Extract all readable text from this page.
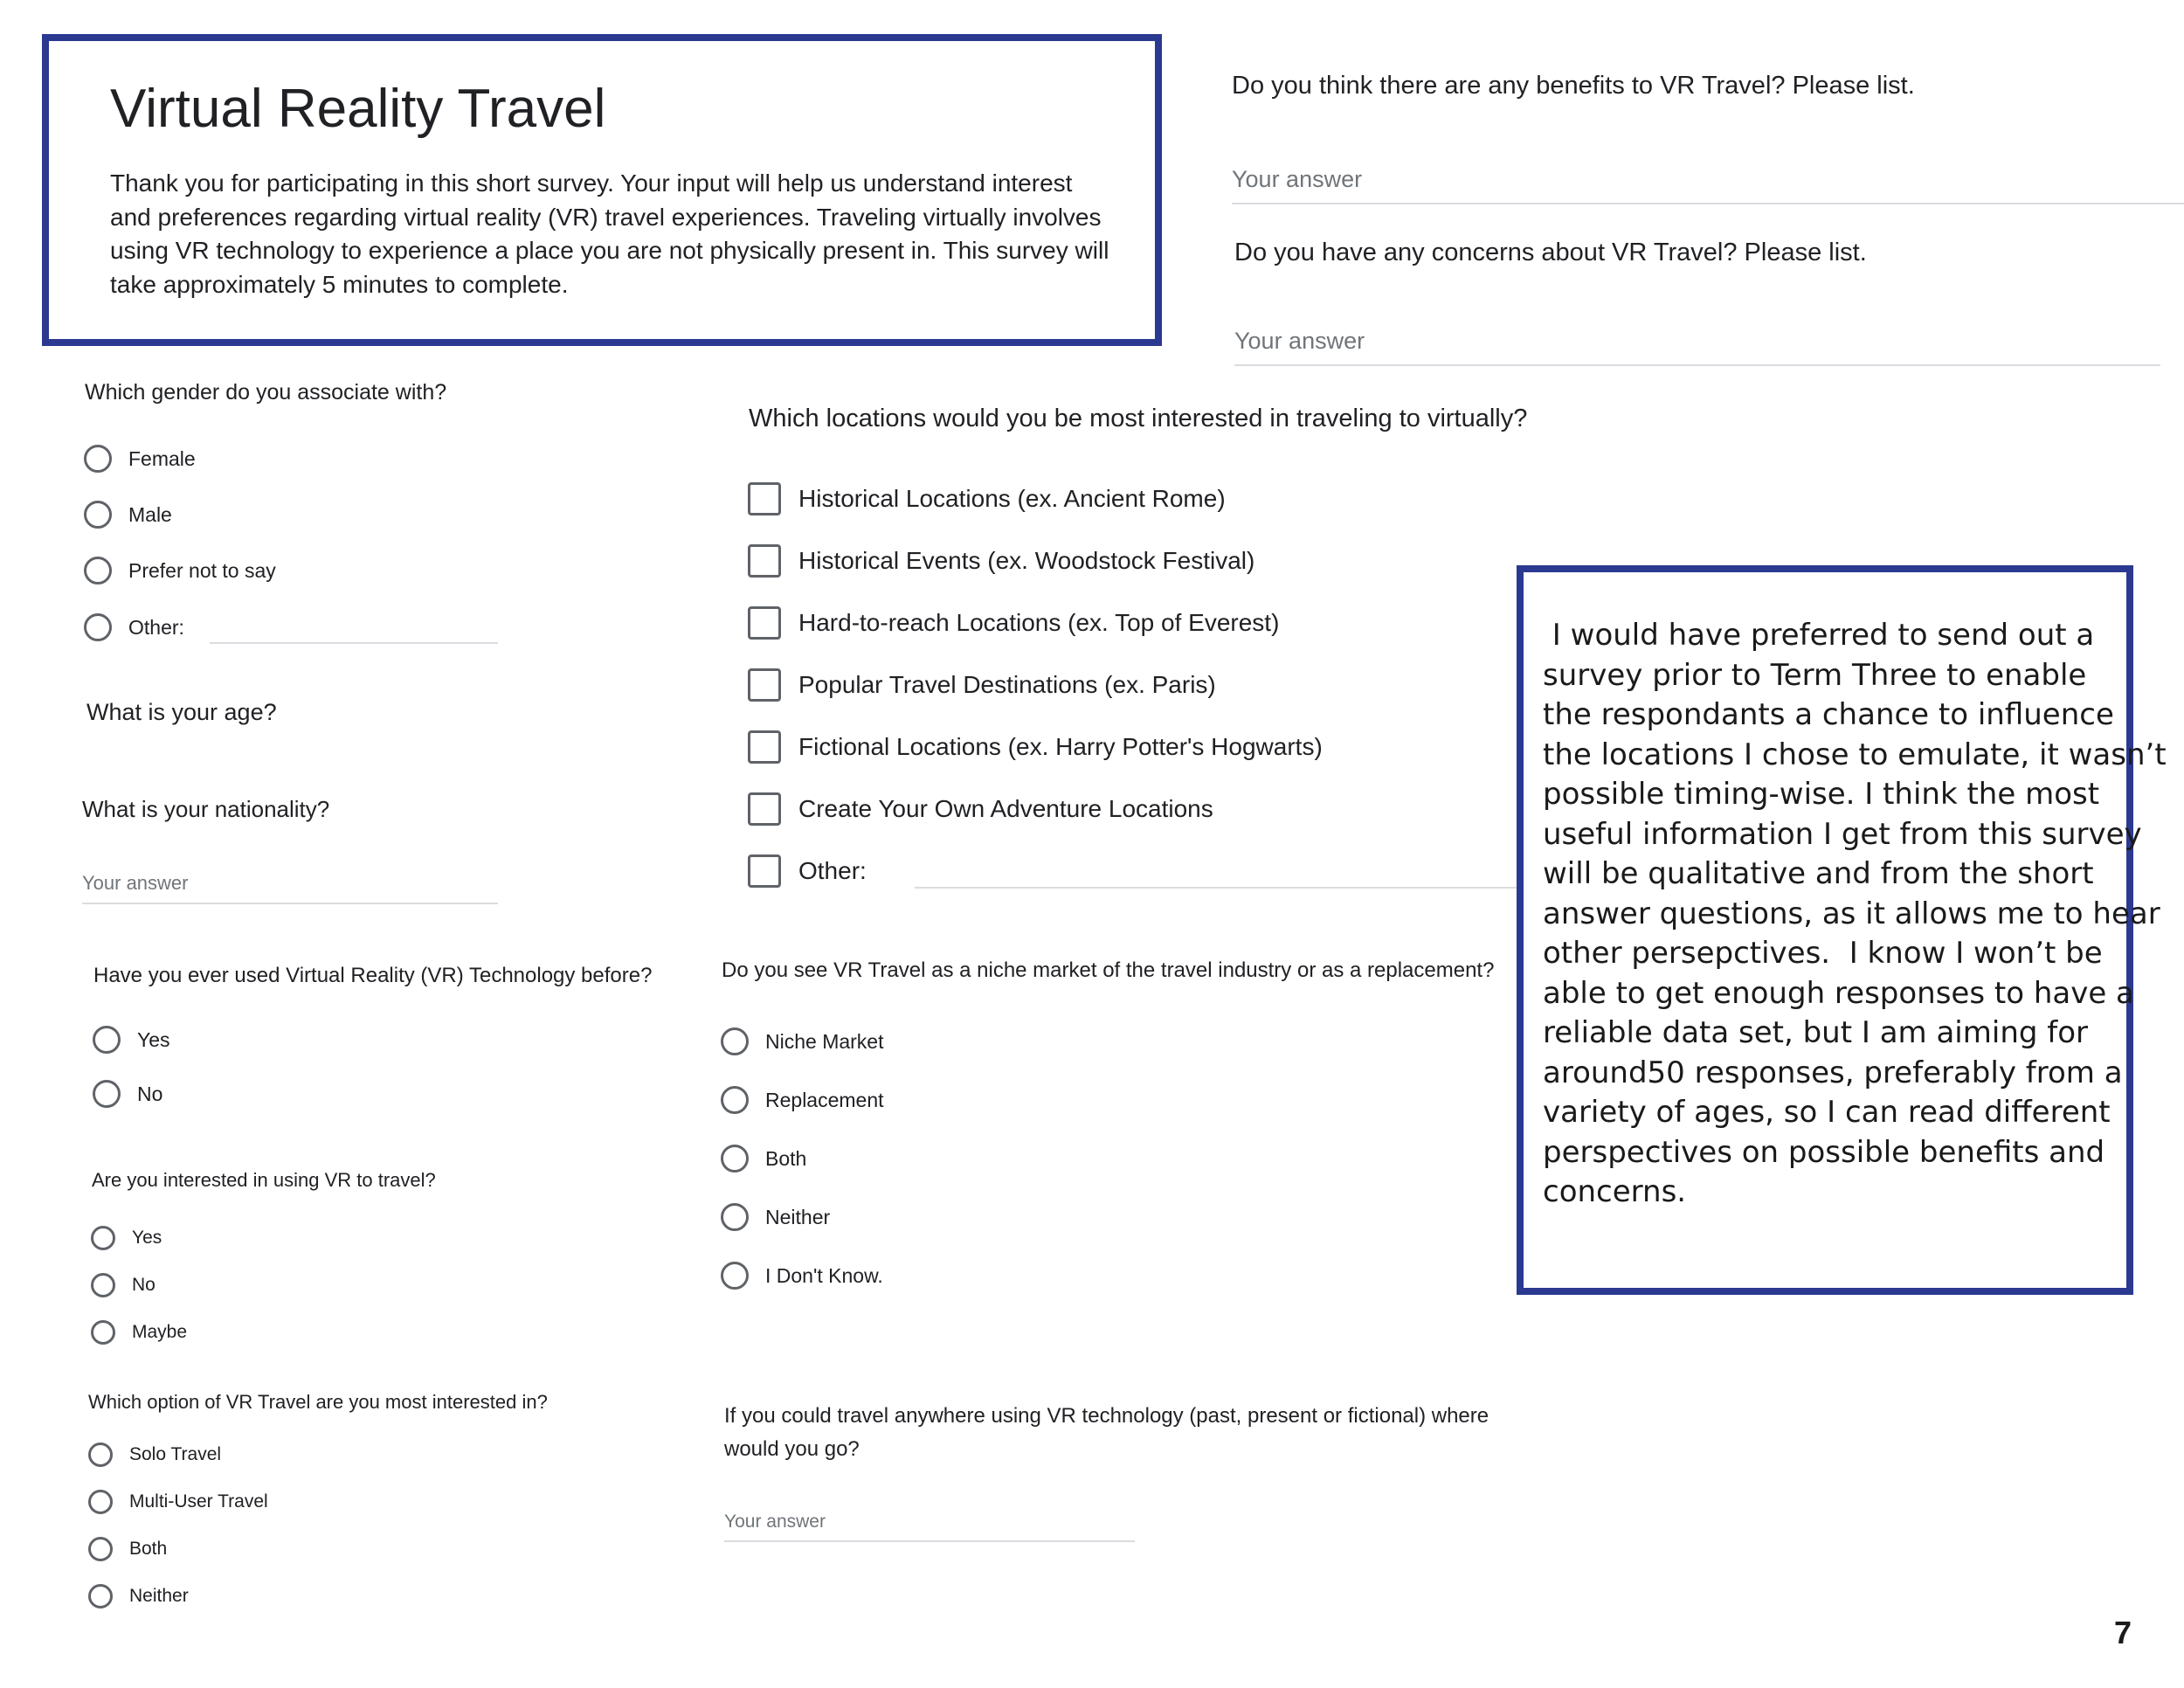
Virtual Reality Travel
Thank you for participating in this short survey. Your input will help us understand interest and preferences regarding virtual reality (VR) travel experiences. Traveling virtually involves using VR technology to experience a place you are not physically present in. This survey will take approximately 5 minutes to complete.
Do you think there are any benefits to VR Travel? Please list.
Your answer
Do you have any concerns about VR Travel? Please list.
Your answer
Which gender do you associate with?
Female
Male
Prefer not to say
Other:
What is your age?
What is your nationality?
Your answer
Have you ever used Virtual Reality (VR) Technology before?
Yes
No
Are you interested in using VR to travel?
Yes
No
Maybe
Which option of VR Travel are you most interested in?
Solo Travel
Multi-User Travel
Both
Neither
Which locations would you be most interested in traveling to virtually?
Historical Locations (ex. Ancient Rome)
Historical Events (ex. Woodstock Festival)
Hard-to-reach Locations (ex. Top of Everest)
Popular Travel Destinations (ex. Paris)
Fictional Locations (ex. Harry Potter's Hogwarts)
Create Your Own Adventure Locations
Other:
Do you see VR Travel as a niche market of the travel industry or as a replacement?
Niche Market
Replacement
Both
Neither
I Don't Know.
If you could travel anywhere using VR technology (past, present or fictional) where
would you go?
Your answer
I would have preferred to send out a
survey prior to Term Three to enable
the respondants a chance to influence
the locations I chose to emulate, it wasn’t
possible timing-wise. I think the most
useful information I get from this survey
will be qualitative and from the short
answer questions, as it allows me to hear
other persepctives.  I know I won’t be
able to get enough responses to have a
reliable data set, but I am aiming for
around50 responses, preferably from a
variety of ages, so I can read different
perspectives on possible benefits and
concerns.
7
